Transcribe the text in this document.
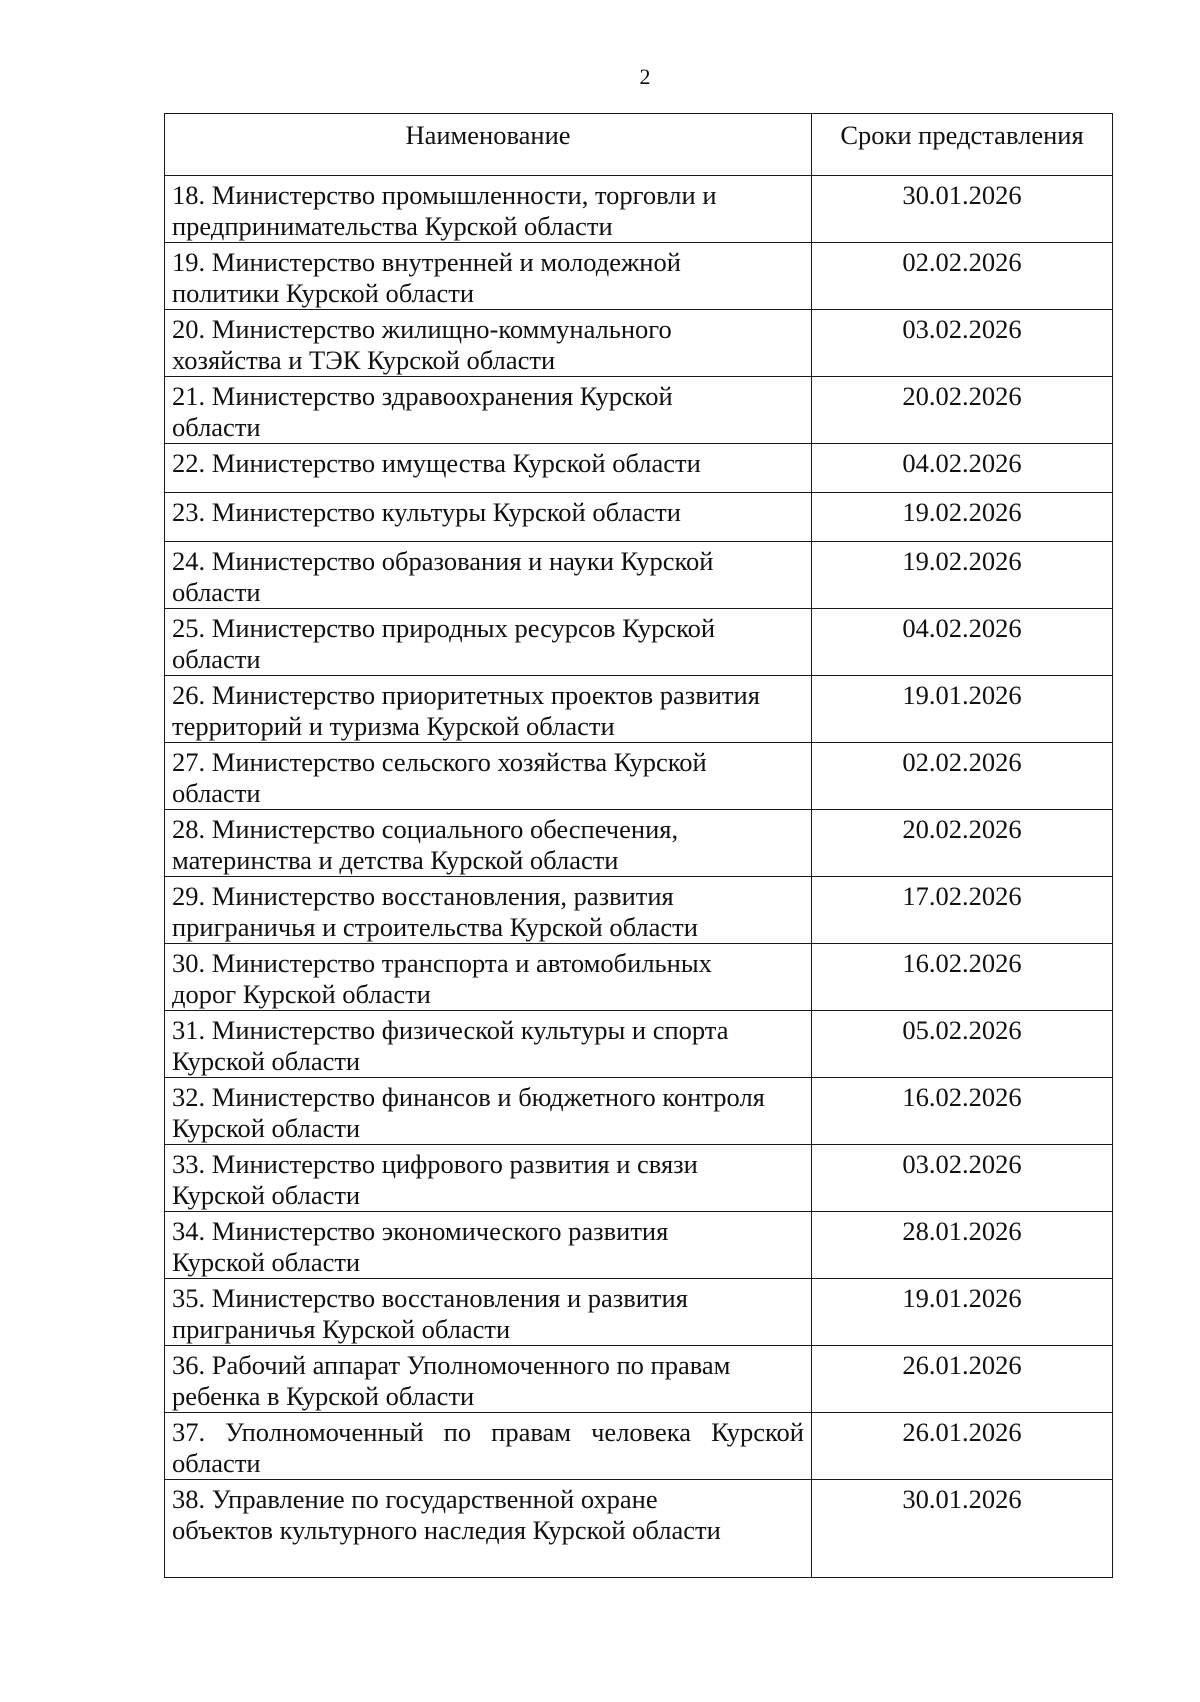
2
Наименование	Сроки представления
18. Министерство промышленности, торговли и
предпринимательства Курской области	30.01.2026
19. Министерство внутренней и молодежной
политики Курской области	02.02.2026
20. Министерство жилищно-коммунального
хозяйства и ТЭК Курской области	03.02.2026
21. Министерство здравоохранения Курской
области	20.02.2026
22. Министерство имущества Курской области	04.02.2026
23. Министерство культуры Курской области	19.02.2026
24. Министерство образования и науки Курской
области	19.02.2026
25. Министерство природных ресурсов Курской
области	04.02.2026
26. Министерство приоритетных проектов развития
территорий и туризма Курской области	19.01.2026
27. Министерство сельского хозяйства Курской
области	02.02.2026
28. Министерство социального обеспечения,
материнства и детства Курской области	20.02.2026
29. Министерство восстановления, развития
приграничья и строительства Курской области	17.02.2026
30. Министерство транспорта и автомобильных
дорог Курской области	16.02.2026
31. Министерство физической культуры и спорта
Курской области	05.02.2026
32. Министерство финансов и бюджетного контроля
Курской области	16.02.2026
33. Министерство цифрового развития и связи
Курской области	03.02.2026
34. Министерство экономического развития
Курской области	28.01.2026
35. Министерство восстановления и развития
приграничья Курской области	19.01.2026
36. Рабочий аппарат Уполномоченного по правам
ребенка в Курской области	26.01.2026

37. Уполномоченный по правам человека Курской
области	26.01.2026
38. Управление по государственной охране
объектов культурного наследия Курской области	30.01.2026
